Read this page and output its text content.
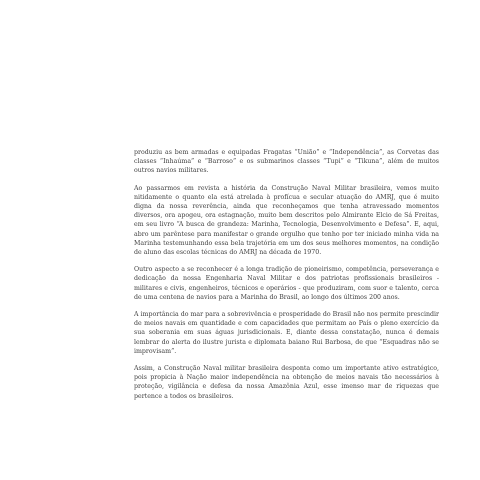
produziu as bem armadas e equipadas Fragatas “União” e “Independência”, as Corvetas das classes “Inhaúma” e “Barroso” e os submarinos classes “Tupi” e “Tikuna”, além de muitos outros navios militares.

Ao passarmos em revista a história da Construção Naval Militar brasileira, vemos muito nitidamente o quanto ela está atrelada à profícua e secular atuação do AMRJ, que é muito digna da nossa reverência, ainda que reconheçamos que tenha atravessado momentos diversos, ora apogeu, ora estagnação, muito bem descritos pelo Almirante Elcio de Sá Freitas, em seu livro “A busca de grandeza: Marinha, Tecnologia, Desenvolvimento e Defesa”. E, aqui, abro um parêntese para manifestar o grande orgulho que tenho por ter iniciado minha vida na Marinha testemunhando essa bela trajetória em um dos seus melhores momentos, na condição de aluno das escolas técnicas do AMRJ na década de 1970.

Outro aspecto a se reconhecer é a longa tradição de pioneirismo, competência, perseverança e dedicação da nossa Engenharia Naval Militar e dos patriotas profissionais brasileiros - militares e civis, engenheiros, técnicos e operários - que produziram, com suor e talento, cerca de uma centena de navios para a Marinha do Brasil, ao longo dos últimos 200 anos.

A importância do mar para a sobrevivência e prosperidade do Brasil não nos permite prescindir de meios navais em quantidade e com capacidades que permitam ao País o pleno exercício da sua soberania em suas águas jurisdicionais. E, diante dessa constatação, nunca é demais lembrar do alerta do ilustre jurista e diplomata baiano Rui Barbosa, de que “Esquadras não se improvisam”.

Assim, a Construção Naval militar brasileira desponta como um importante ativo estratégico, pois propicia à Nação maior independência na obtenção de meios navais tão necessários à proteção, vigilância e defesa da nossa Amazônia Azul, esse imenso mar de riquezas que pertence a todos os brasileiros.
